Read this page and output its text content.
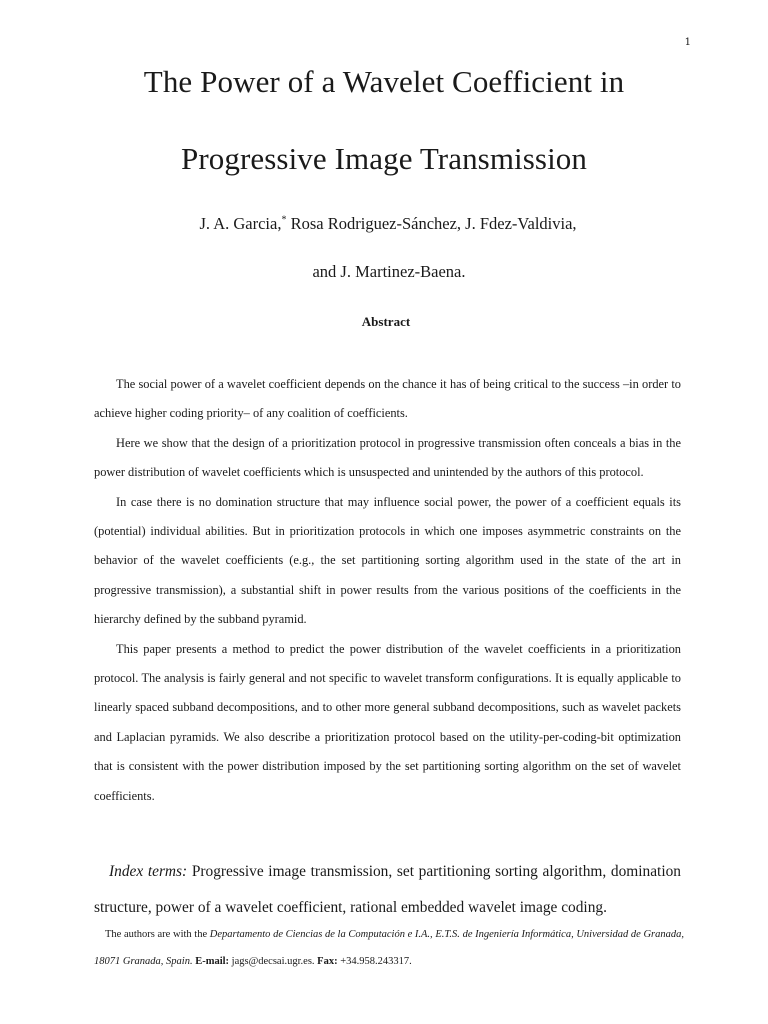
1
The Power of a Wavelet Coefficient in
Progressive Image Transmission
J. A. Garcia,* Rosa Rodriguez-Sánchez, J. Fdez-Valdivia,
and J. Martinez-Baena.
Abstract

The social power of a wavelet coefficient depends on the chance it has of being critical to the success –in order to achieve higher coding priority– of any coalition of coefficients.

Here we show that the design of a prioritization protocol in progressive transmission often conceals a bias in the power distribution of wavelet coefficients which is unsuspected and unintended by the authors of this protocol.

In case there is no domination structure that may influence social power, the power of a coefficient equals its (potential) individual abilities. But in prioritization protocols in which one imposes asymmetric constraints on the behavior of the wavelet coefficients (e.g., the set partitioning sorting algorithm used in the state of the art in progressive transmission), a substantial shift in power results from the various positions of the coefficients in the hierarchy defined by the subband pyramid.

This paper presents a method to predict the power distribution of the wavelet coefficients in a prioritization protocol. The analysis is fairly general and not specific to wavelet transform configurations. It is equally applicable to linearly spaced subband decompositions, and to other more general subband decompositions, such as wavelet packets and Laplacian pyramids. We also describe a prioritization protocol based on the utility-per-coding-bit optimization that is consistent with the power distribution imposed by the set partitioning sorting algorithm on the set of wavelet coefficients.

Index terms: Progressive image transmission, set partitioning sorting algorithm, domination structure, power of a wavelet coefficient, rational embedded wavelet image coding.
The authors are with the Departamento de Ciencias de la Computación e I.A., E.T.S. de Ingeniería Informática, Universidad de Granada, 18071 Granada, Spain. E-mail: jags@decsai.ugr.es. Fax: +34.958.243317.
